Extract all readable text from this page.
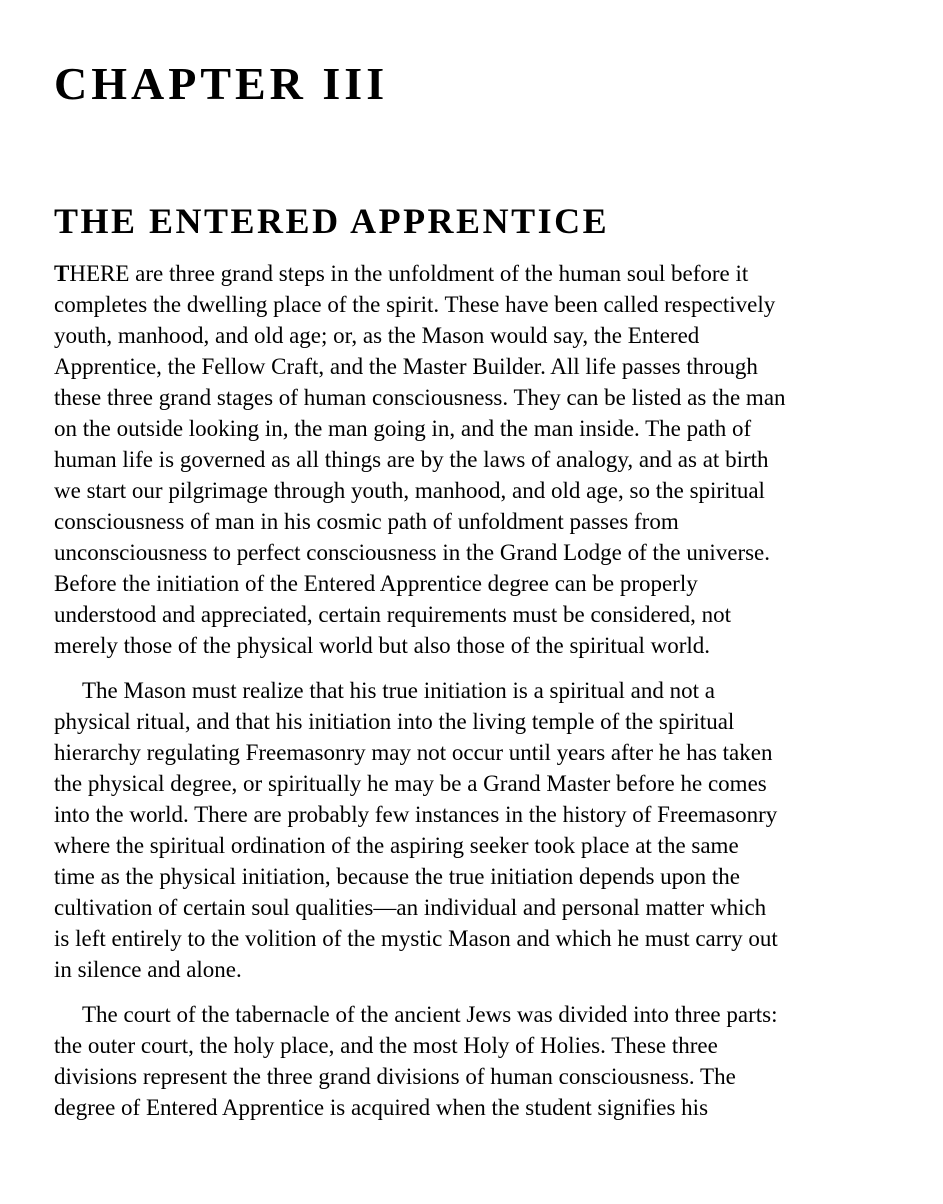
CHAPTER III
THE ENTERED APPRENTICE

THERE are three grand steps in the unfoldment of the human soul before it
completes the dwelling place of the spirit. These have been called respectively
youth, manhood, and old age; or, as the Mason would say, the Entered
Apprentice, the Fellow Craft, and the Master Builder. All life passes through
these three grand stages of human consciousness. They can be listed as the man
on the outside looking in, the man going in, and the man inside. The path of
human life is governed as all things are by the laws of analogy, and as at birth
we start our pilgrimage through youth, manhood, and old age, so the spiritual
consciousness of man in his cosmic path of unfoldment passes from
unconsciousness to perfect consciousness in the Grand Lodge of the universe.
Before the initiation of the Entered Apprentice degree can be properly
understood and appreciated, certain requirements must be considered, not
merely those of the physical world but also those of the spiritual world.

The Mason must realize that his true initiation is a spiritual and not a
physical ritual, and that his initiation into the living temple of the spiritual
hierarchy regulating Freemasonry may not occur until years after he has taken
the physical degree, or spiritually he may be a Grand Master before he comes
into the world. There are probably few instances in the history of Freemasonry
where the spiritual ordination of the aspiring seeker took place at the same
time as the physical initiation, because the true initiation depends upon the
cultivation of certain soul qualities—an individual and personal matter which
is left entirely to the volition of the mystic Mason and which he must carry out
in silence and alone.

The court of the tabernacle of the ancient Jews was divided into three parts:
the outer court, the holy place, and the most Holy of Holies. These three
divisions represent the three grand divisions of human consciousness. The
degree of Entered Apprentice is acquired when the student signifies his
